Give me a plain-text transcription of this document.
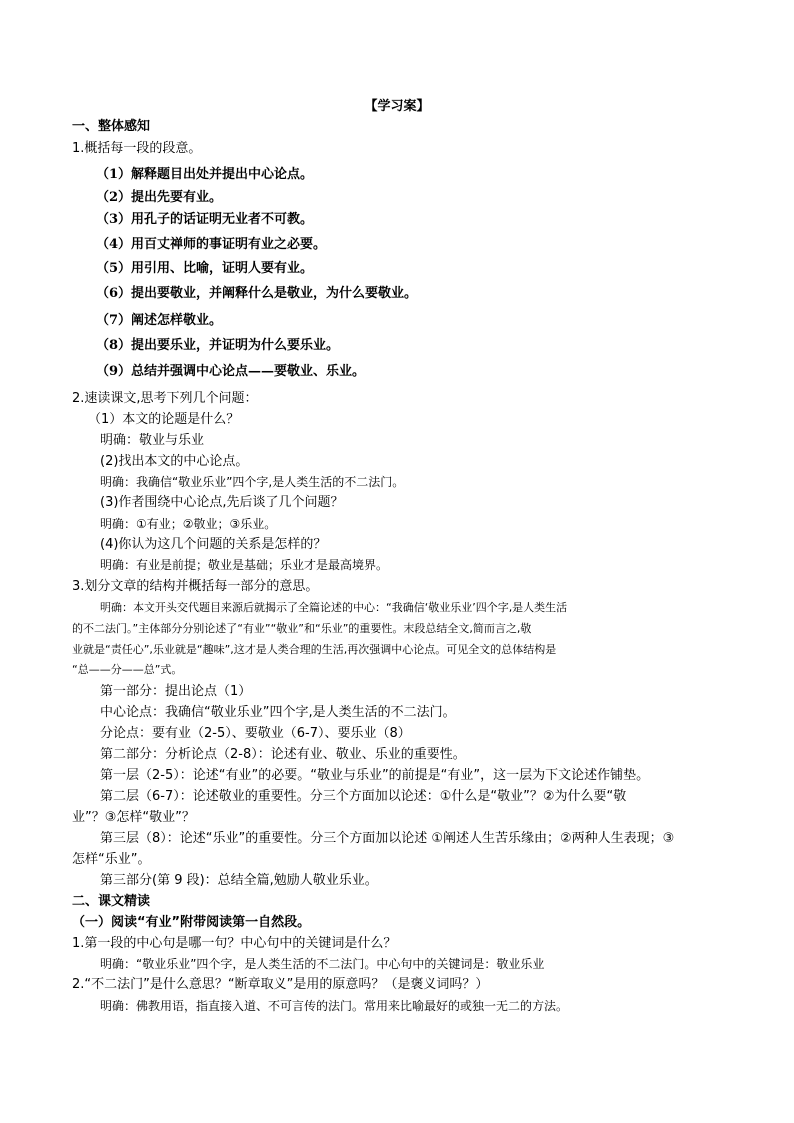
【学习案】
一、整体感知
1.概括每一段的段意。
（1）解释题目出处并提出中心论点。
（2）提出先要有业。
（3）用孔子的话证明无业者不可教。
（4）用百丈禅师的事证明有业之必要。
（5）用引用、比喻，证明人要有业。
（6）提出要敬业，并阐释什么是敬业，为什么要敬业。
（7）阐述怎样敬业。
（8）提出要乐业，并证明为什么要乐业。
（9）总结并强调中心论点——要敬业、乐业。
2.速读课文,思考下列几个问题：
（1）本文的论题是什么？
明确：敬业与乐业
(2)找出本文的中心论点。
明确：我确信“敬业乐业”四个字,是人类生活的不二法门。
(3)作者围绕中心论点,先后谈了几个问题？
明确：①有业；②敬业；③乐业。
(4)你认为这几个问题的关系是怎样的？
明确：有业是前提；敬业是基础；乐业才是最高境界。
3.划分文章的结构并概括每一部分的意思。
明确：本文开头交代题目来源后就揭示了全篇论述的中心：“我确信‘敬业乐业’四个字,是人类生活
的不二法门。”主体部分分别论述了“有业”“敬业”和“乐业”的重要性。末段总结全文,简而言之,敬
业就是“责任心”,乐业就是“趣味”,这才是人类合理的生活,再次强调中心论点。可见全文的总体结构是
“总——分——总”式。
第一部分：提出论点（1）
中心论点：我确信“敬业乐业”四个字,是人类生活的不二法门。
分论点：要有业（2-5）、要敬业（6-7）、要乐业（8）
第二部分：分析论点（2-8）：论述有业、敬业、乐业的重要性。
第一层（2-5）：论述“有业”的必要。“敬业与乐业”的前提是“有业”，这一层为下文论述作铺垫。
第二层（6-7）：论述敬业的重要性。分三个方面加以论述：①什么是“敬业”？②为什么要“敬
业”？③怎样“敬业”？
第三层（8）：论述“乐业”的重要性。分三个方面加以论述 ①阐述人生苦乐缘由；②两种人生表现；③
怎样“乐业”。
第三部分(第 9 段)：总结全篇,勉励人敬业乐业。
二、课文精读
（一）阅读“有业”附带阅读第一自然段。
1.第一段的中心句是哪一句？中心句中的关键词是什么？
明确：“敬业乐业”四个字，是人类生活的不二法门。中心句中的关键词是：敬业乐业
2.“不二法门”是什么意思？“断章取义”是用的原意吗？（是褒义词吗？）
明确：佛教用语，指直接入道、不可言传的法门。常用来比喻最好的或独一无二的方法。
